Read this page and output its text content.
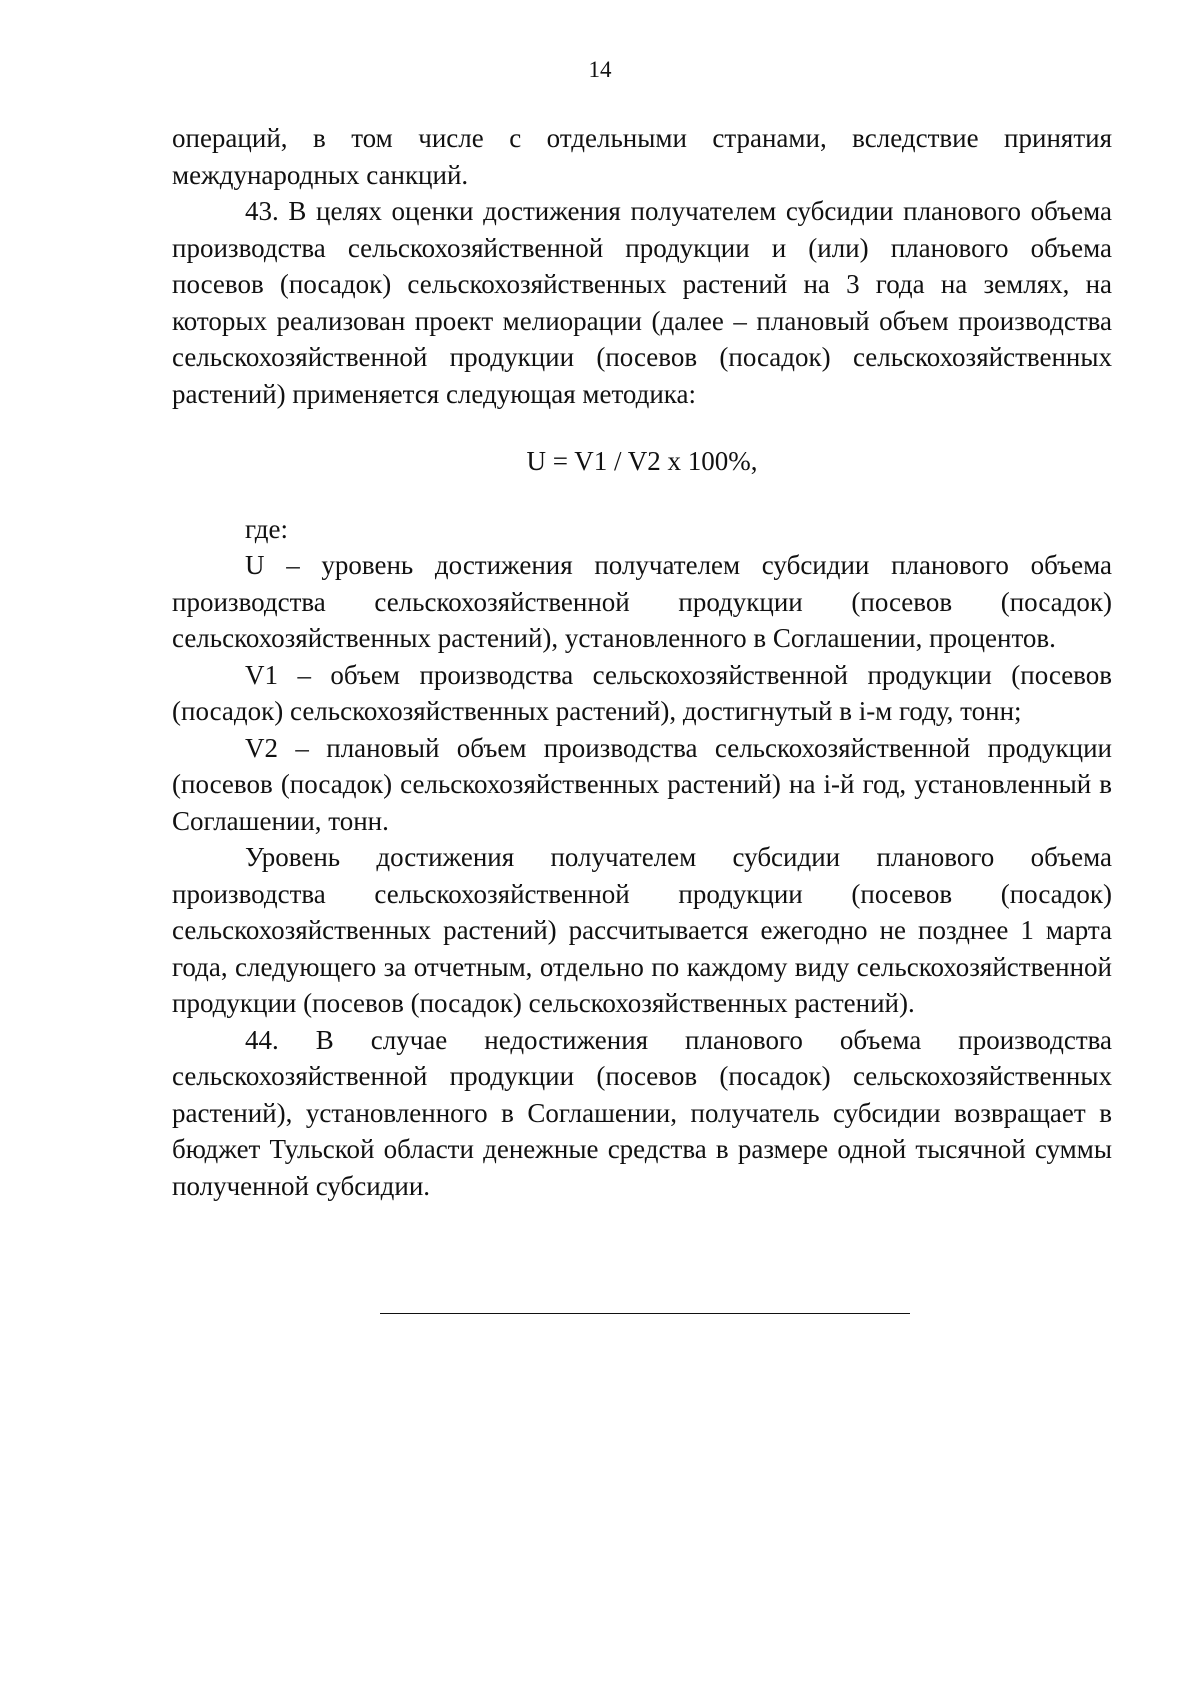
14

операций, в том числе с отдельными странами, вследствие принятия международных санкций.

43. В целях оценки достижения получателем субсидии планового объема производства сельскохозяйственной продукции и (или) планового объема посевов (посадок) сельскохозяйственных растений на 3 года на землях, на которых реализован проект мелиорации (далее – плановый объем производства сельскохозяйственной продукции (посевов (посадок) сельскохозяйственных растений) применяется следующая методика:

U = V1 / V2 x 100%,

где:

U – уровень достижения получателем субсидии планового объема производства сельскохозяйственной продукции (посевов (посадок) сельскохозяйственных растений), установленного в Соглашении, процентов.

V1 – объем производства сельскохозяйственной продукции (посевов (посадок) сельскохозяйственных растений), достигнутый в i-м году, тонн;

V2 – плановый объем производства сельскохозяйственной продукции (посевов (посадок) сельскохозяйственных растений) на i-й год, установленный в Соглашении, тонн.

Уровень достижения получателем субсидии планового объема производства сельскохозяйственной продукции (посевов (посадок) сельскохозяйственных растений) рассчитывается ежегодно не позднее 1 марта года, следующего за отчетным, отдельно по каждому виду сельскохозяйственной продукции (посевов (посадок) сельскохозяйственных растений).

44. В случае недостижения планового объема производства сельскохозяйственной продукции (посевов (посадок) сельскохозяйственных растений), установленного в Соглашении, получатель субсидии возвращает в бюджет Тульской области денежные средства в размере одной тысячной суммы полученной субсидии.
